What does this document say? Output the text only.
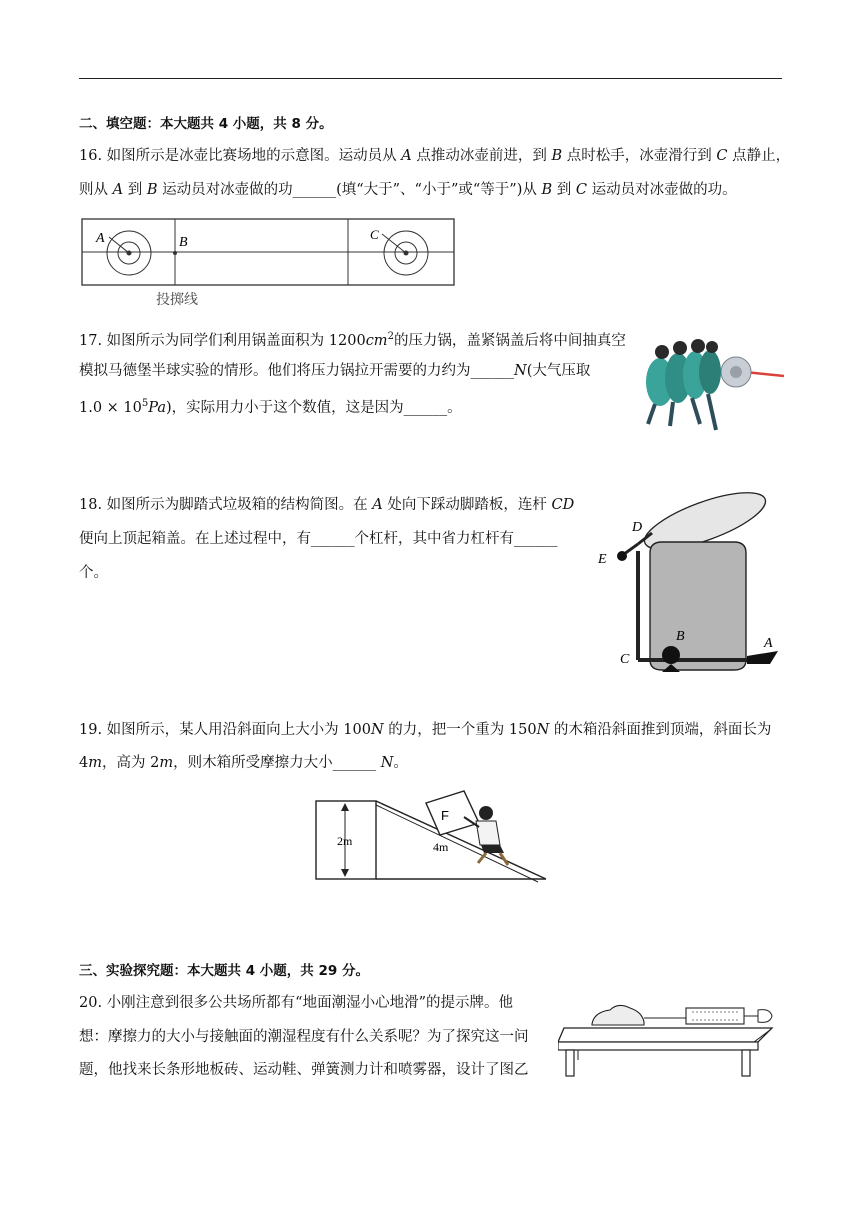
二、填空题：本大题共 4 小题，共 8 分。
16. 如图所示是冰壶比赛场地的示意图。运动员从 A 点推动冰壶前进，到 B 点时松手，冰壶滑行到 C 点静止，
则从 A 到 B 运动员对冰壶做的功______(填“大于”、“小于”或“等于”)从 B 到 C 运动员对冰壶做的功。
A	B
C
投掷线
17. 如图所示为同学们利用锅盖面积为 $1200cm^2$的压力锅，盖紧锅盖后将中间抽真空
模拟马德堡半球实验的情形。他们将压力锅拉开需要的力约为______N(大气压取
$1.0 \times 10^5Pa$)，实际用力小于这个数值，这是因为______。
18. 如图所示为脚踏式垃圾箱的结构简图。在 A 处向下踩动脚踏板，连杆 CD
便向上顶起箱盖。在上述过程中，有______个杠杆，其中省力杠杆有______
个。
D
E
B	A
C
19. 如图所示，某人用沿斜面向上大小为 100N 的力，把一个重为 150N 的木箱沿斜面推到顶端，斜面长为
4m，高为 2m，则木箱所受摩擦力大小______ N。
2m	4m
F
三、实验探究题：本大题共 4 小题，共 29 分。
20. 小刚注意到很多公共场所都有“地面潮湿小心地滑”的提示牌。他
想：摩擦力的大小与接触面的潮湿程度有什么关系呢？为了探究这一问
题，他找来长条形地板砖、运动鞋、弹簧测力计和喷雾器，设计了图乙
